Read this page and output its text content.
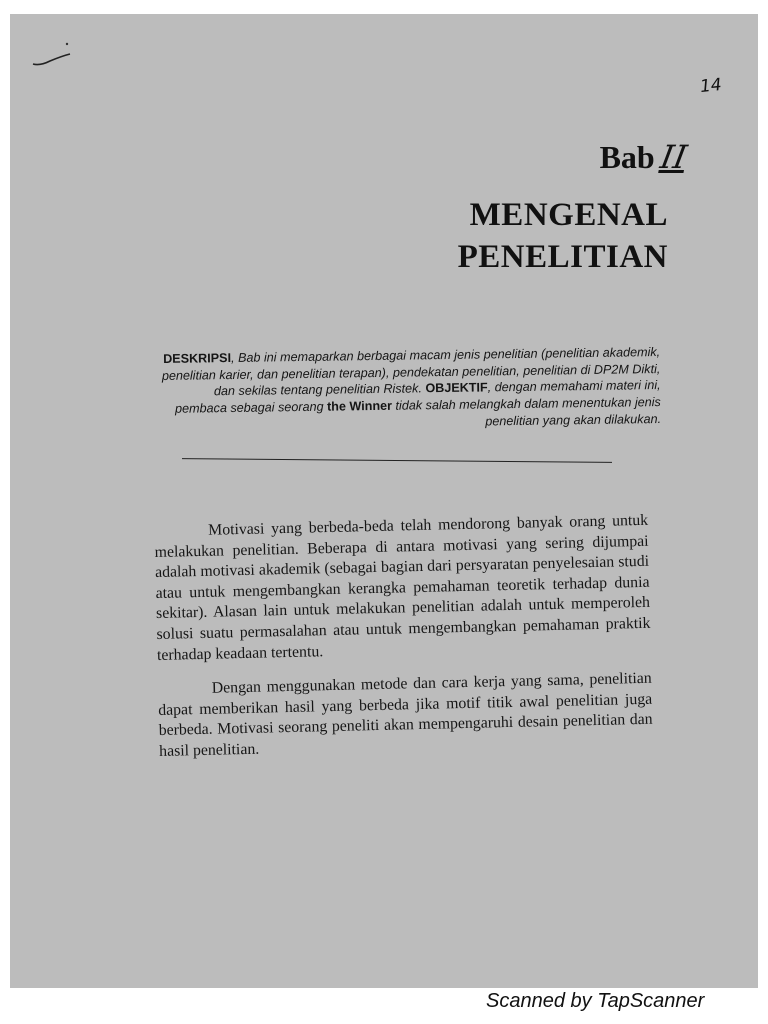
14
BabII
MENGENAL
PENELITIAN
DESKRIPSI, Bab ini memaparkan berbagai macam jenis penelitian (penelitian akademik, penelitian karier, dan penelitian terapan), pendekatan penelitian, penelitian di DP2M Dikti, dan sekilas tentang penelitian Ristek. OBJEKTIF, dengan memahami materi ini, pembaca sebagai seorang the Winner tidak salah melangkah dalam menentukan jenis penelitian yang akan dilakukan.

Motivasi yang berbeda-beda telah mendorong banyak orang untuk melakukan penelitian. Beberapa di antara motivasi yang sering dijumpai adalah motivasi akademik (sebagai bagian dari persyaratan penyelesaian studi atau untuk mengembangkan kerangka pemahaman teoretik terhadap dunia sekitar). Alasan lain untuk melakukan penelitian adalah untuk memperoleh solusi suatu permasalahan atau untuk mengembangkan pemahaman praktik terhadap keadaan tertentu.

Dengan menggunakan metode dan cara kerja yang sama, penelitian dapat memberikan hasil yang berbeda jika motif titik awal penelitian juga berbeda. Motivasi seorang peneliti akan mempengaruhi desain penelitian dan hasil penelitian.

Scanned by TapScanner
